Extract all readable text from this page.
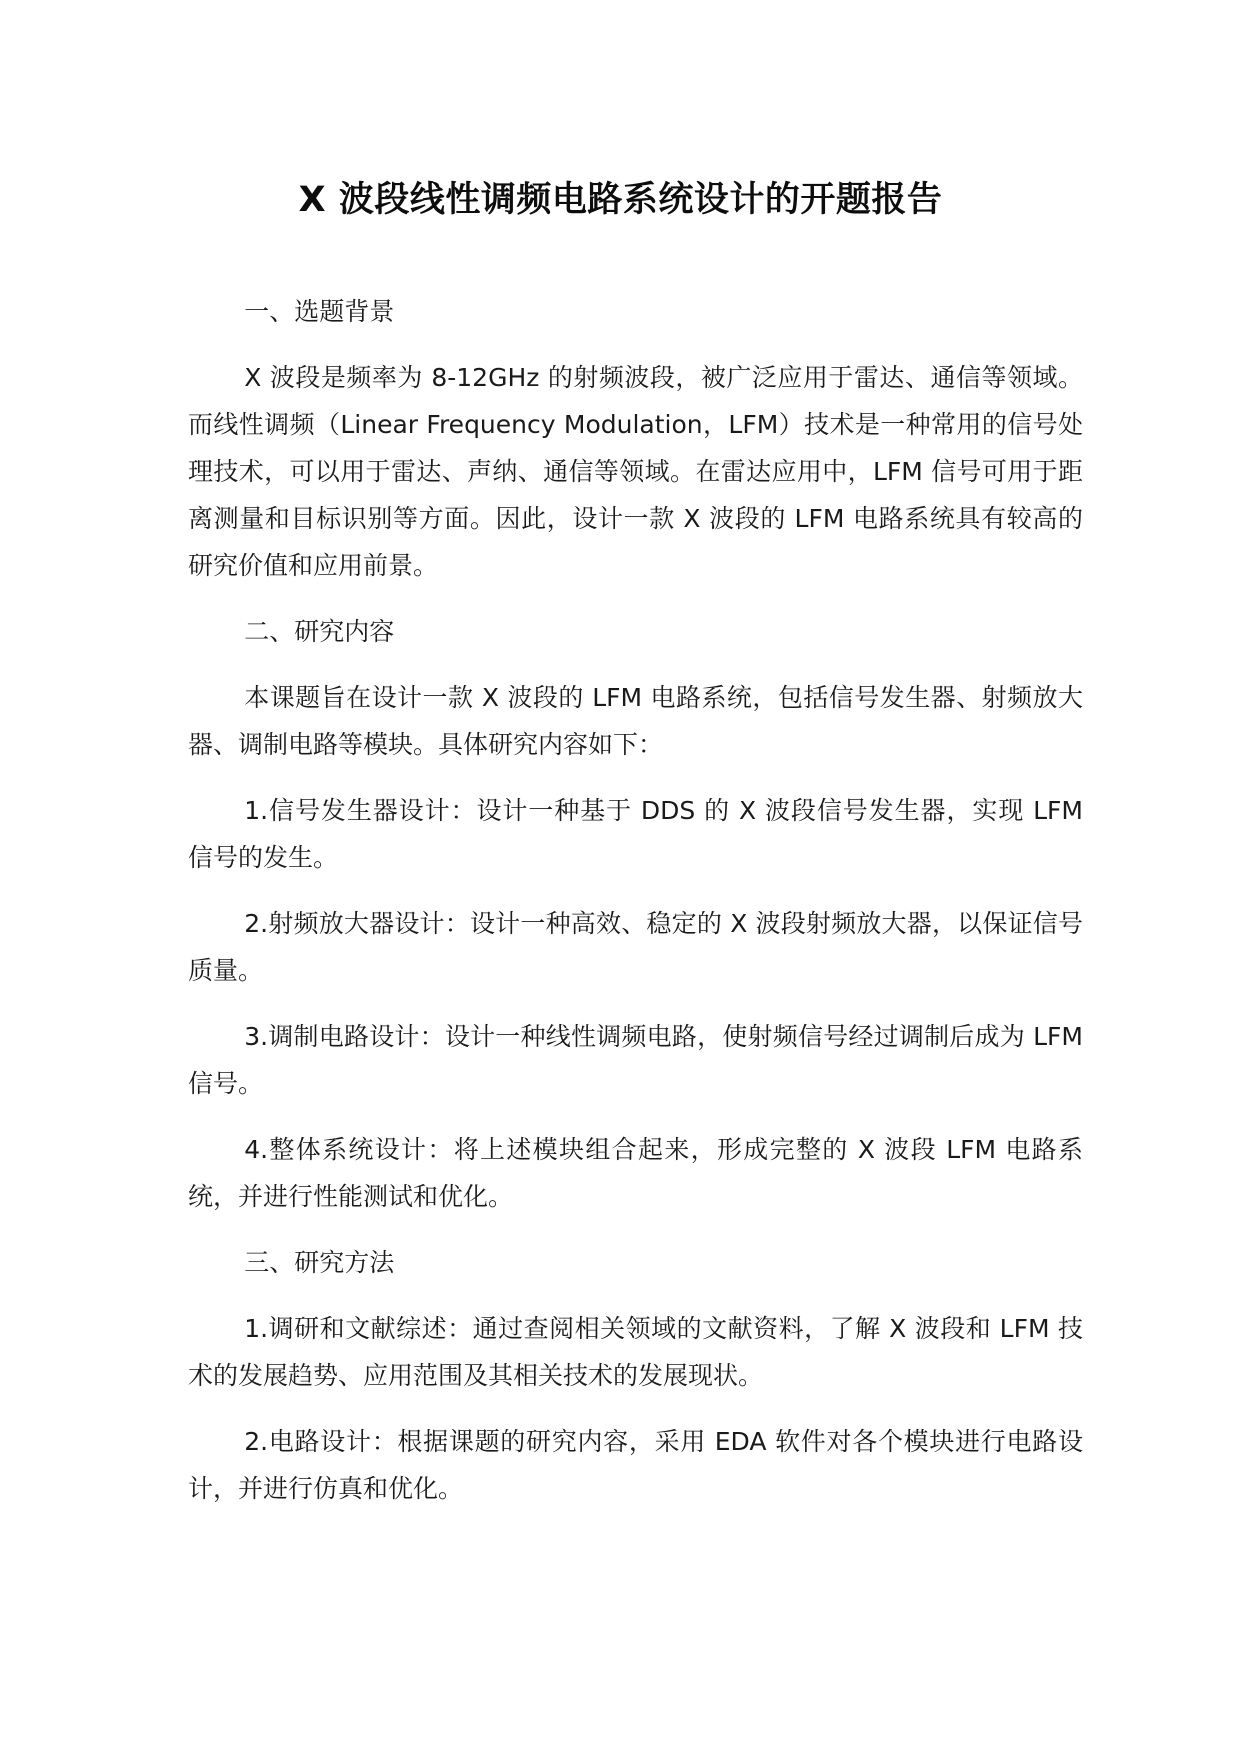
X 波段线性调频电路系统设计的开题报告

一、选题背景

X 波段是频率为 8-12GHz 的射频波段，被广泛应用于雷达、通信等领域。而线性调频（Linear Frequency Modulation，LFM）技术是一种常用的信号处理技术，可以用于雷达、声纳、通信等领域。在雷达应用中，LFM 信号可用于距离测量和目标识别等方面。因此，设计一款 X 波段的 LFM 电路系统具有较高的研究价值和应用前景。

二、研究内容

本课题旨在设计一款 X 波段的 LFM 电路系统，包括信号发生器、射频放大器、调制电路等模块。具体研究内容如下：

1.信号发生器设计：设计一种基于 DDS 的 X 波段信号发生器，实现 LFM 信号的发生。

2.射频放大器设计：设计一种高效、稳定的 X 波段射频放大器，以保证信号质量。

3.调制电路设计：设计一种线性调频电路，使射频信号经过调制后成为 LFM 信号。

4.整体系统设计：将上述模块组合起来，形成完整的 X 波段 LFM 电路系统，并进行性能测试和优化。

三、研究方法

1.调研和文献综述：通过查阅相关领域的文献资料，了解 X 波段和 LFM 技术的发展趋势、应用范围及其相关技术的发展现状。

2.电路设计：根据课题的研究内容，采用 EDA 软件对各个模块进行电路设计，并进行仿真和优化。
